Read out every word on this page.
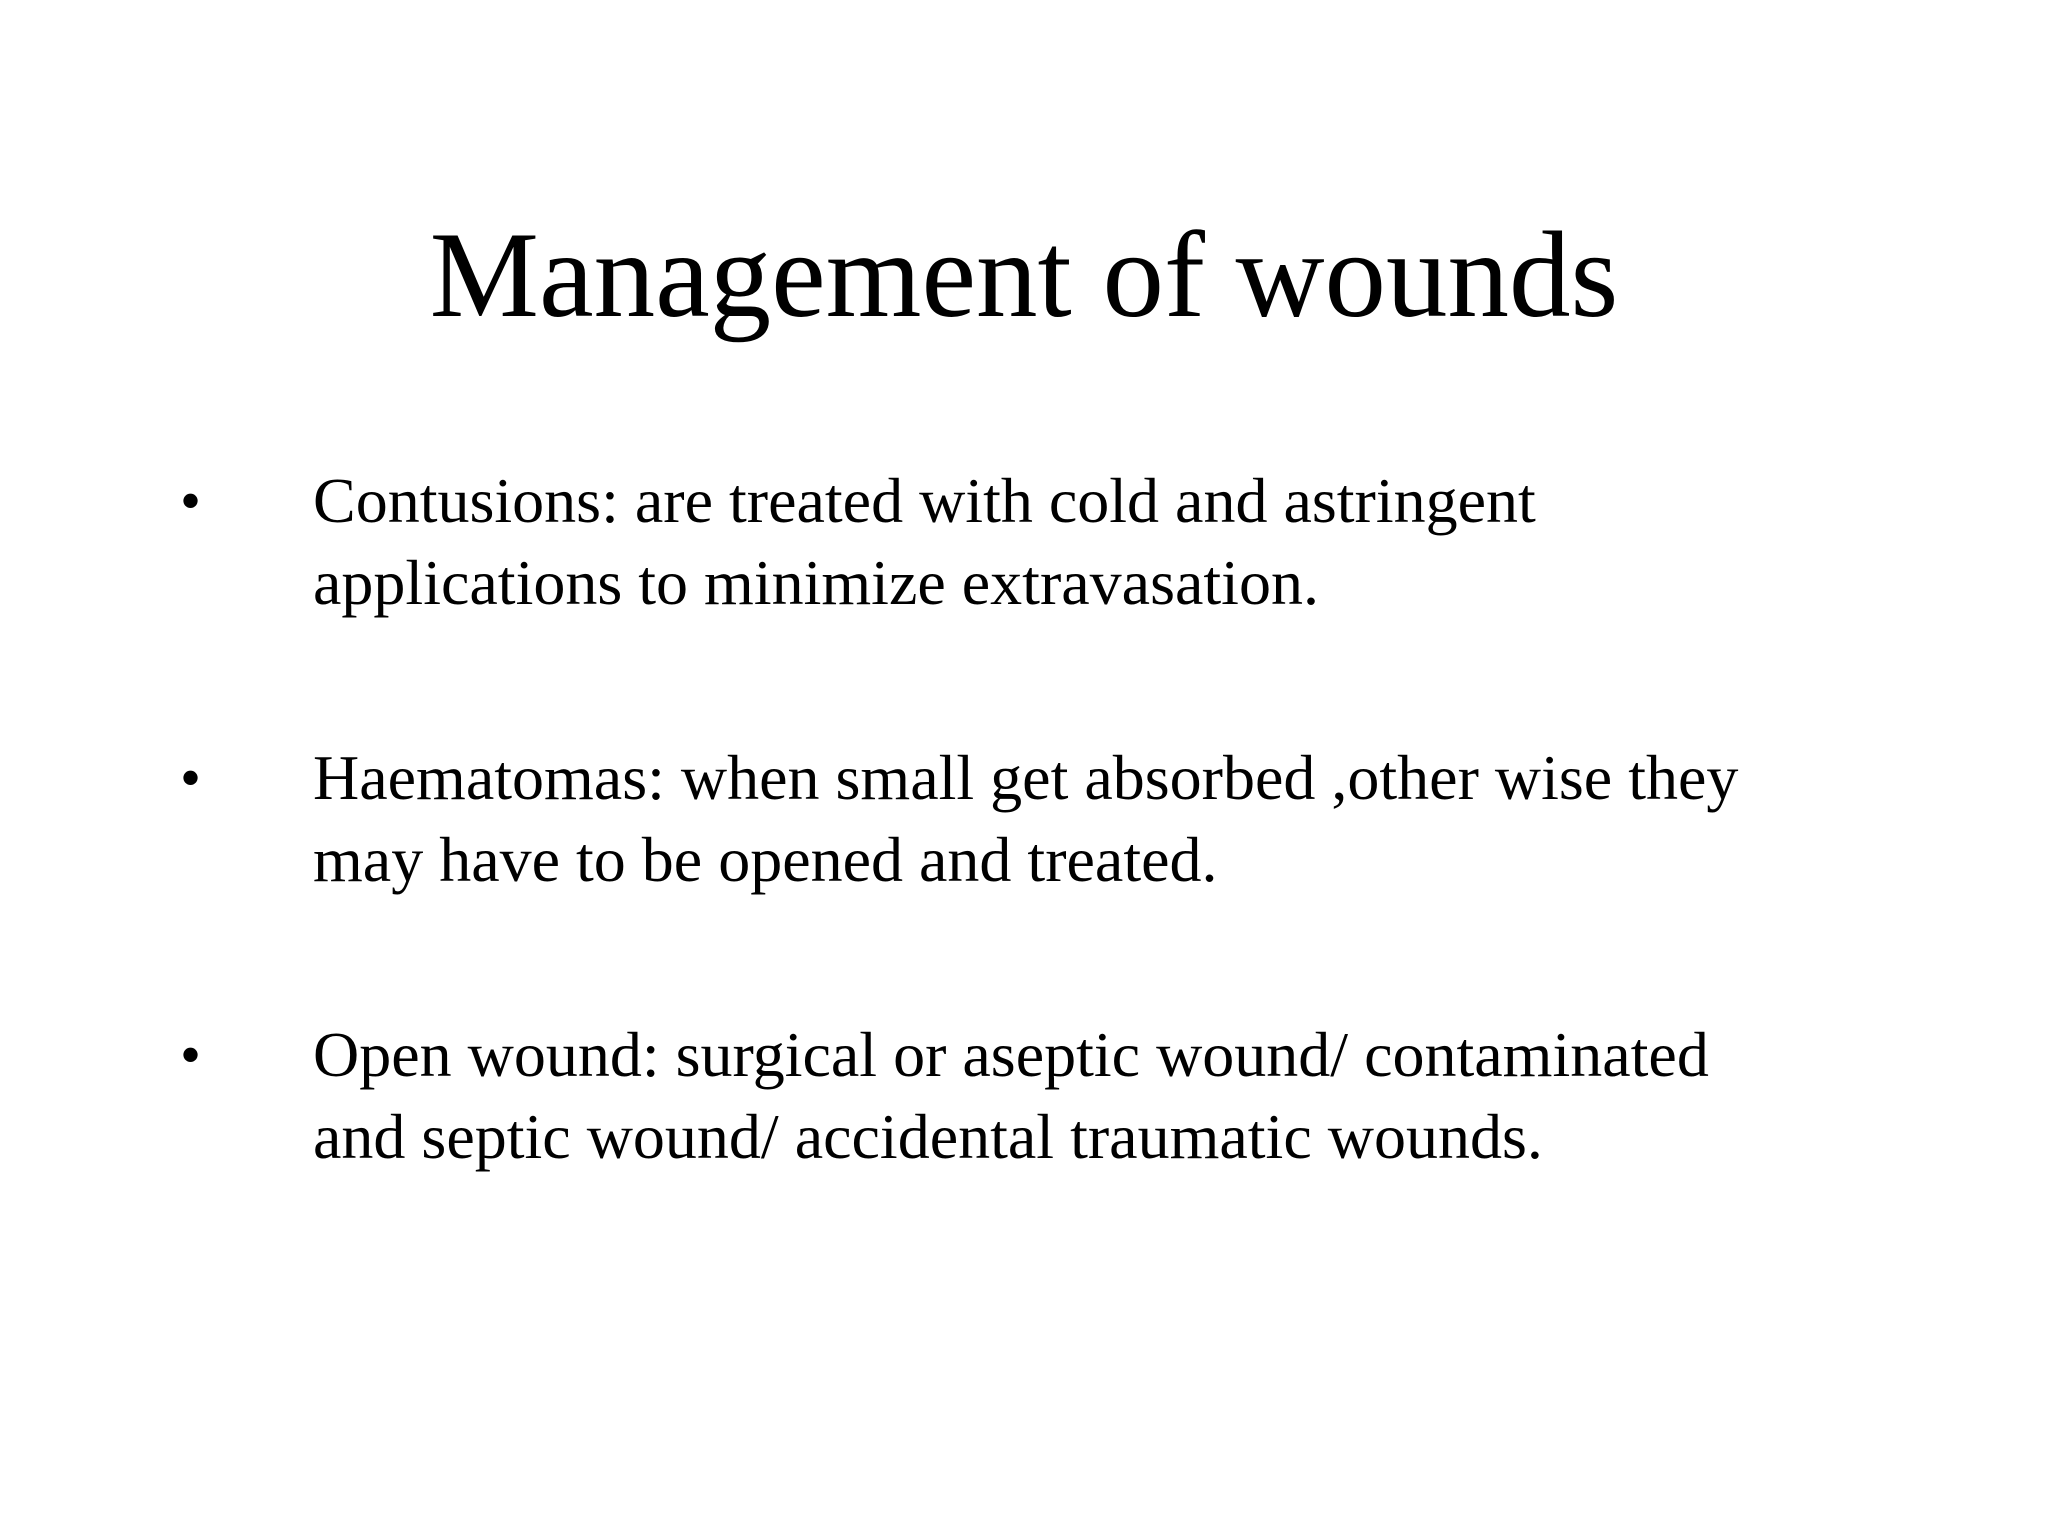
Management of wounds
• Contusions: are treated with cold and astringent
applications to minimize extravasation.
• Haematomas: when small get absorbed ,other wise they
may have to be opened and treated.
• Open wound: surgical or aseptic wound/ contaminated
and septic wound/ accidental traumatic wounds.
